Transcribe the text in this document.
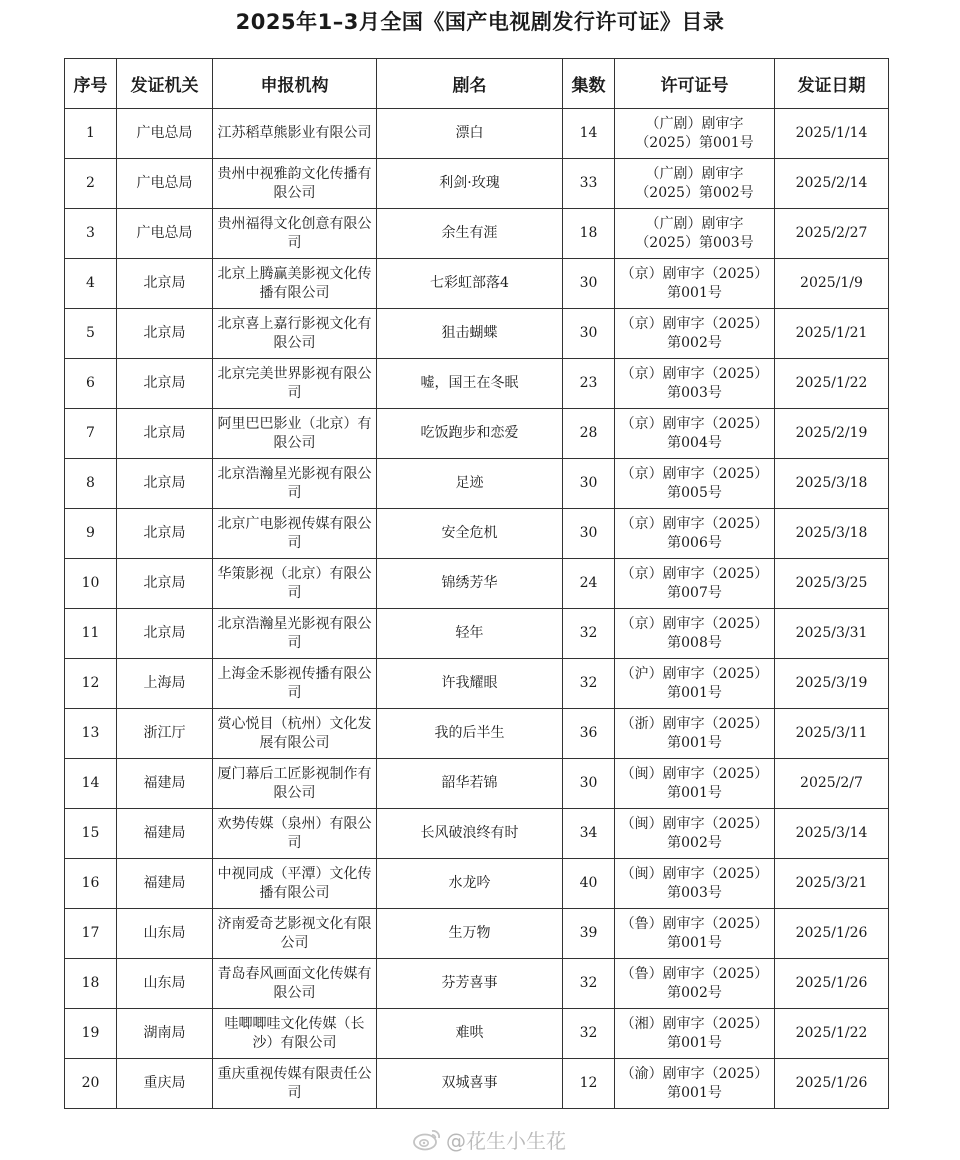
2025年1–3月全国《国产电视剧发行许可证》目录
序号	发证机关	申报机构	剧名	集数	许可证号	发证日期
1	广电总局	江苏稻草熊影业有限公司	漂白	14	（广剧）剧审字（2025）第001号	2025/1/14
2	广电总局	贵州中视雅韵文化传播有限公司	利剑·玫瑰	33	（广剧）剧审字（2025）第002号	2025/2/14
3	广电总局	贵州福得文化创意有限公司	余生有涯	18	（广剧）剧审字（2025）第003号	2025/2/27
4	北京局	北京上腾赢美影视文化传播有限公司	七彩虹部落4	30	（京）剧审字（2025）第001号	2025/1/9
5	北京局	北京喜上嘉行影视文化有限公司	狙击蝴蝶	30	（京）剧审字（2025）第002号	2025/1/21
6	北京局	北京完美世界影视有限公司	嘘，国王在冬眠	23	（京）剧审字（2025）第003号	2025/1/22
7	北京局	阿里巴巴影业（北京）有限公司	吃饭跑步和恋爱	28	（京）剧审字（2025）第004号	2025/2/19
8	北京局	北京浩瀚星光影视有限公司	足迹	30	（京）剧审字（2025）第005号	2025/3/18
9	北京局	北京广电影视传媒有限公司	安全危机	30	（京）剧审字（2025）第006号	2025/3/18
10	北京局	华策影视（北京）有限公司	锦绣芳华	24	（京）剧审字（2025）第007号	2025/3/25
11	北京局	北京浩瀚星光影视有限公司	轻年	32	（京）剧审字（2025）第008号	2025/3/31
12	上海局	上海金禾影视传播有限公司	许我耀眼	32	（沪）剧审字（2025）第001号	2025/3/19
13	浙江厅	赏心悦目（杭州）文化发展有限公司	我的后半生	36	（浙）剧审字（2025）第001号	2025/3/11
14	福建局	厦门幕后工匠影视制作有限公司	韶华若锦	30	（闽）剧审字（2025）第001号	2025/2/7
15	福建局	欢势传媒（泉州）有限公司	长风破浪终有时	34	（闽）剧审字（2025）第002号	2025/3/14
16	福建局	中视同成（平潭）文化传播有限公司	水龙吟	40	（闽）剧审字（2025）第003号	2025/3/21
17	山东局	济南爱奇艺影视文化有限公司	生万物	39	（鲁）剧审字（2025）第001号	2025/1/26
18	山东局	青岛春风画面文化传媒有限公司	芬芳喜事	32	（鲁）剧审字（2025）第002号	2025/1/26
19	湖南局	哇唧唧哇文化传媒（长沙）有限公司	难哄	32	（湘）剧审字（2025）第001号	2025/1/22
20	重庆局	重庆重视传媒有限责任公司	双城喜事	12	（渝）剧审字（2025）第001号	2025/1/26
@花生小生花
